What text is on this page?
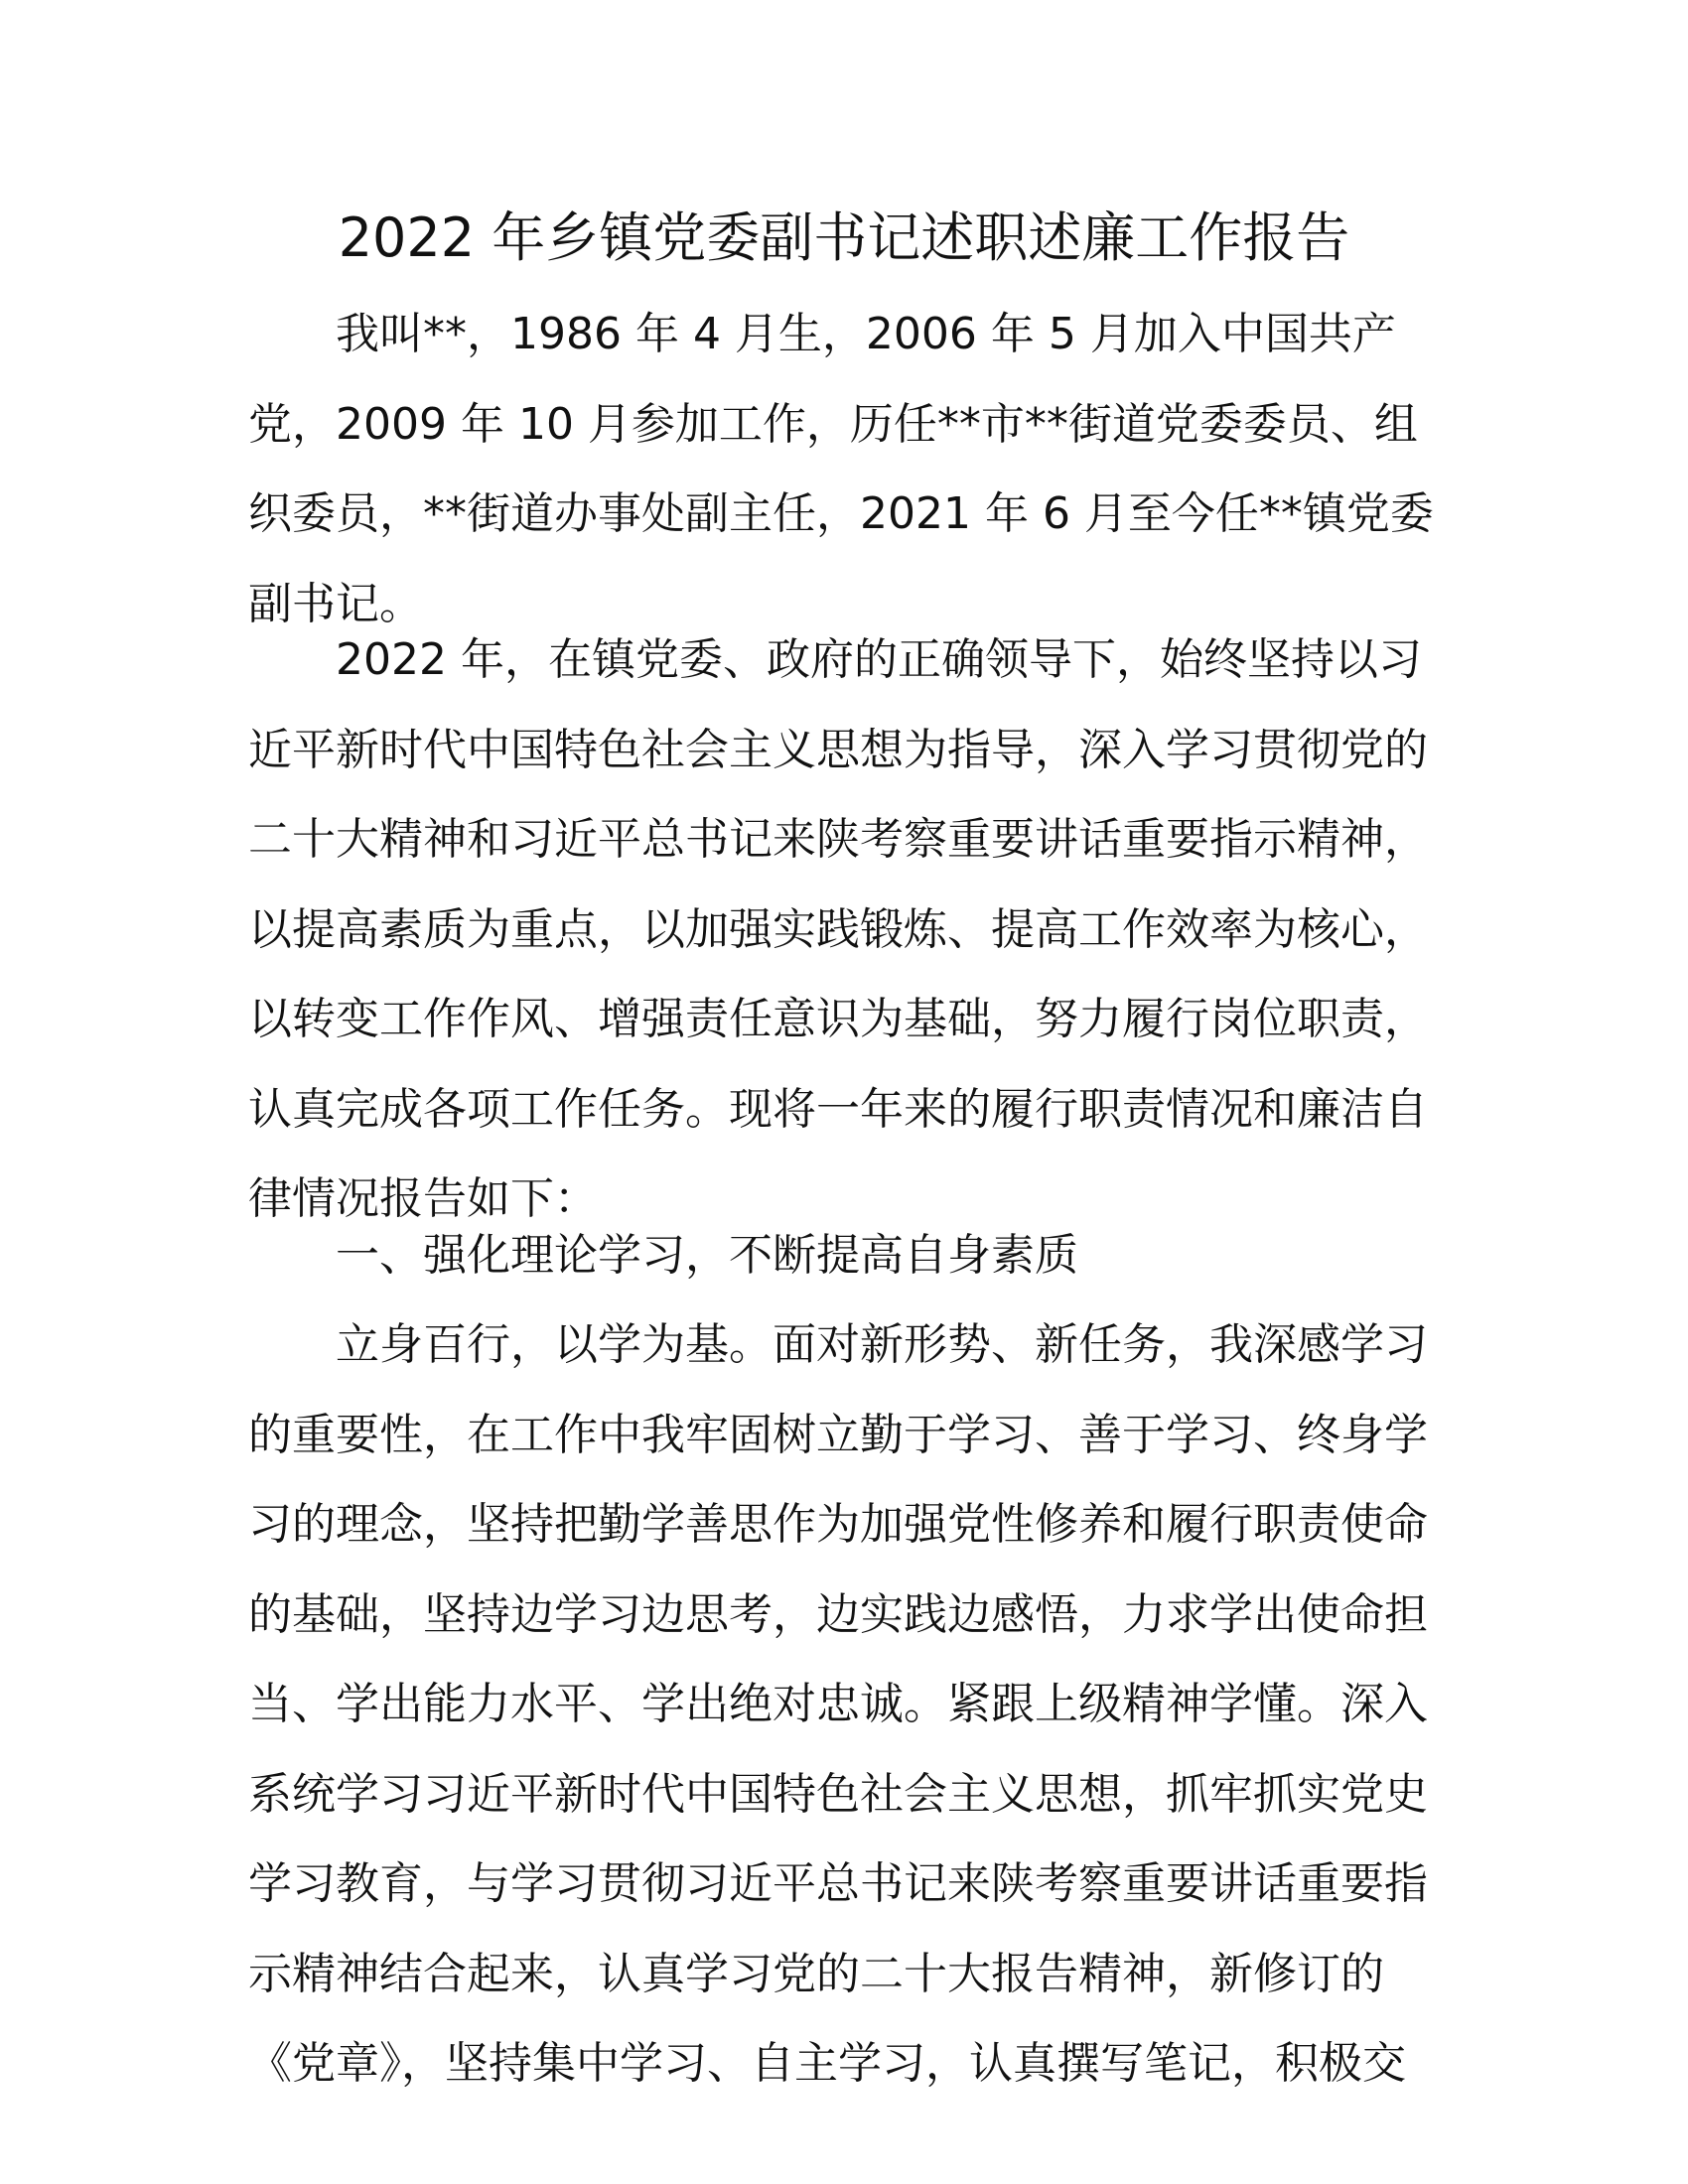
2022 年乡镇党委副书记述职述廉工作报告
我叫**，1986 年 4 月生，2006 年 5 月加入中国共产
党，2009 年 10 月参加工作，历任**市**街道党委委员、组
织委员，**街道办事处副主任，2021 年 6 月至今任**镇党委
副书记。
2022 年，在镇党委、政府的正确领导下，始终坚持以习
近平新时代中国特色社会主义思想为指导，深入学习贯彻党的
二十大精神和习近平总书记来陕考察重要讲话重要指示精神，
以提高素质为重点，以加强实践锻炼、提高工作效率为核心，
以转变工作作风、增强责任意识为基础，努力履行岗位职责，
认真完成各项工作任务。现将一年来的履行职责情况和廉洁自
律情况报告如下：
一、强化理论学习，不断提高自身素质
立身百行，以学为基。面对新形势、新任务，我深感学习
的重要性，在工作中我牢固树立勤于学习、善于学习、终身学
习的理念，坚持把勤学善思作为加强党性修养和履行职责使命
的基础，坚持边学习边思考，边实践边感悟，力求学出使命担
当、学出能力水平、学出绝对忠诚。紧跟上级精神学懂。深入
系统学习习近平新时代中国特色社会主义思想，抓牢抓实党史
学习教育，与学习贯彻习近平总书记来陕考察重要讲话重要指
示精神结合起来，认真学习党的二十大报告精神，新修订的
《党章》，坚持集中学习、自主学习，认真撰写笔记，积极交
